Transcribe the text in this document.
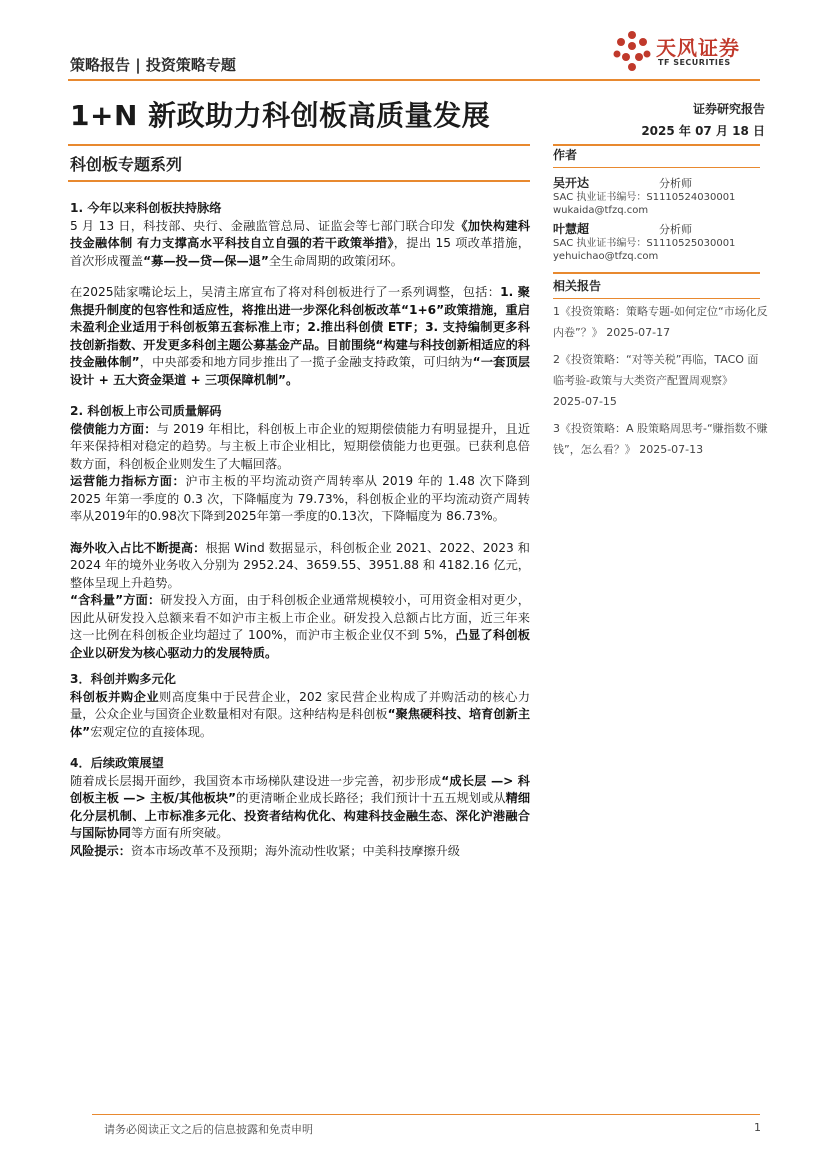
策略报告 | 投资策略专题
天风证券
TF SECURITIES
1+N 新政助力科创板高质量发展	证券研究报告
2025 年 07 月 18 日
科创板专题系列	作者
吴开达	分析师
SAC 执业证书编号：S1110524030001
wukaida@tfzq.com
叶慧超	分析师
SAC 执业证书编号：S1110525030001
yehuichao@tfzq.com
相关报告
1《投资策略：策略专题-如何定位“市场化反内卷”？》 2025-07-17
2《投资策略：“对等关税”再临，TACO 面临考验-政策与大类资产配置周观察》 2025-07-15
3《投资策略：A 股策略周思考-“赚指数不赚钱”，怎么看？》 2025-07-13

1. 今年以来科创板扶持脉络

5 月 13 日，科技部、央行、金融监管总局、证监会等七部门联合印发《加快构建科技金融体制 有力支撑高水平科技自立自强的若干政策举措》，提出 15 项改革措施，首次形成覆盖“募—投—贷—保—退”全生命周期的政策闭环。

在2025陆家嘴论坛上，吴清主席宣布了将对科创板进行了一系列调整，包括：1. 聚焦提升制度的包容性和适应性，将推出进一步深化科创板改革“1+6”政策措施，重启未盈利企业适用于科创板第五套标准上市；2.推出科创债 ETF；3. 支持编制更多科技创新指数、开发更多科创主题公募基金产品。目前围绕“构建与科技创新相适应的科技金融体制”，中央部委和地方同步推出了一揽子金融支持政策，可归纳为“一套顶层设计 + 五大资金渠道 + 三项保障机制”。

2. 科创板上市公司质量解码

偿债能力方面：与 2019 年相比，科创板上市企业的短期偿债能力有明显提升，且近年来保持相对稳定的趋势。与主板上市企业相比，短期偿债能力也更强。已获利息倍数方面，科创板企业则发生了大幅回落。

运营能力指标方面：沪市主板的平均流动资产周转率从 2019 年的 1.48 次下降到 2025 年第一季度的 0.3 次，下降幅度为 79.73%，科创板企业的平均流动资产周转率从2019年的0.98次下降到2025年第一季度的0.13次，下降幅度为 86.73%。

海外收入占比不断提高：根据 Wind 数据显示，科创板企业 2021、2022、2023 和 2024 年的境外业务收入分别为 2952.24、3659.55、3951.88 和 4182.16 亿元，整体呈现上升趋势。

“含科量”方面：研发投入方面，由于科创板企业通常规模较小，可用资金相对更少，因此从研发投入总额来看不如沪市主板上市企业。研发投入总额占比方面，近三年来这一比例在科创板企业均超过了 100%，而沪市主板企业仅不到 5%，凸显了科创板企业以研发为核心驱动力的发展特质。

3．科创并购多元化

科创板并购企业则高度集中于民营企业，202 家民营企业构成了并购活动的核心力量，公众企业与国资企业数量相对有限。这种结构是科创板“聚焦硬科技、培育创新主体”宏观定位的直接体现。

4．后续政策展望

随着成长层揭开面纱，我国资本市场梯队建设进一步完善，初步形成“成长层 —> 科创板主板 —> 主板/其他板块”的更清晰企业成长路径；我们预计十五五规划或从精细化分层机制、上市标准多元化、投资者结构优化、构建科技金融生态、深化沪港融合与国际协同等方面有所突破。

风险提示：资本市场改革不及预期；海外流动性收紧；中美科技摩擦升级

请务必阅读正文之后的信息披露和免责申明	1
